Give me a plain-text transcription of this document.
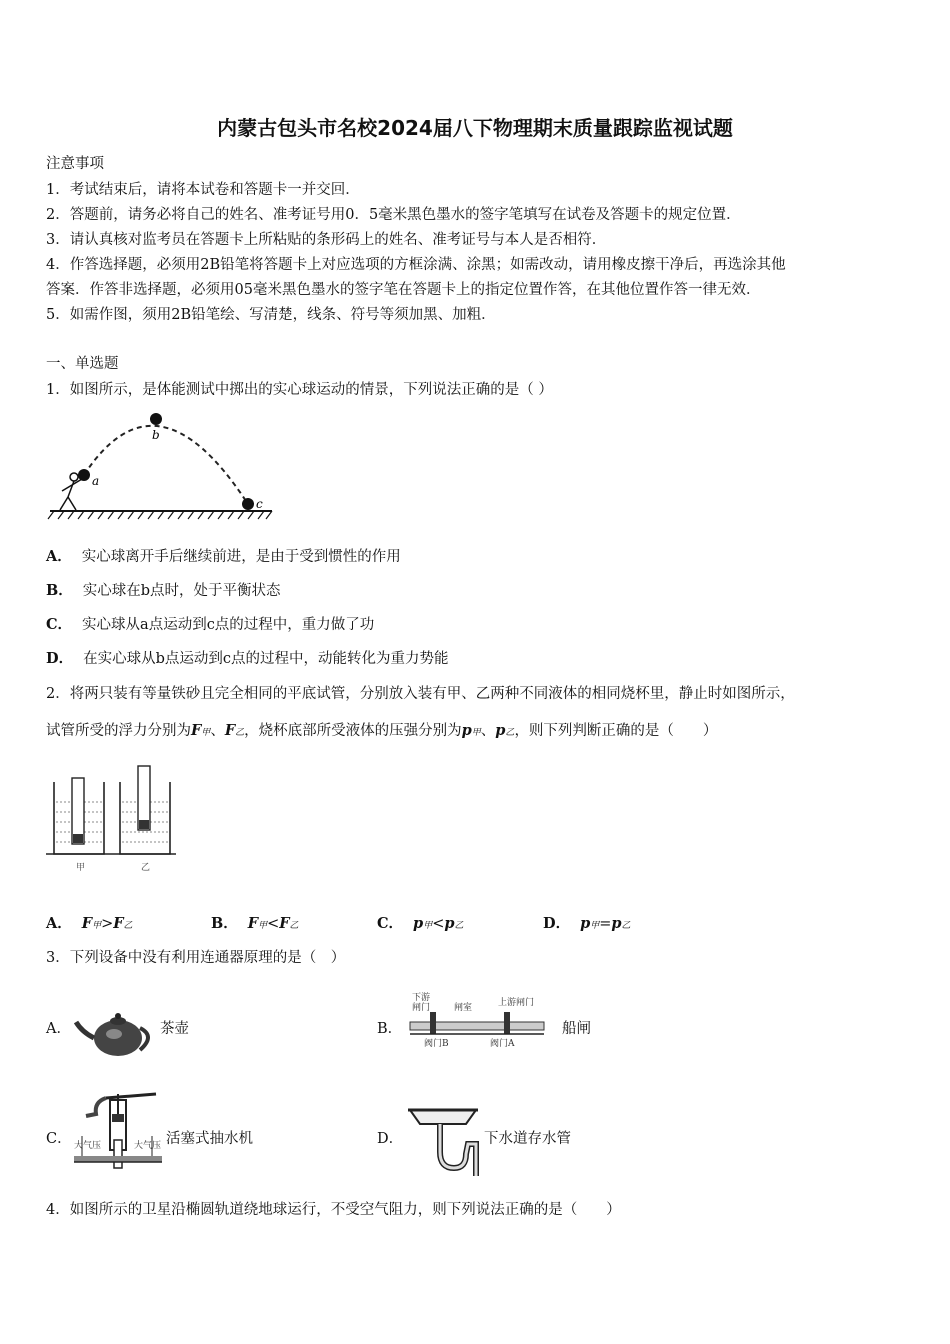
内蒙古包头市名校2024届八下物理期末质量跟踪监视试题
注意事项
1．考试结束后，请将本试卷和答题卡一并交回．
2．答题前，请务必将自己的姓名、准考证号用0．5毫米黑色墨水的签字笔填写在试卷及答题卡的规定位置．
3．请认真核对监考员在答题卡上所粘贴的条形码上的姓名、准考证号与本人是否相符．
4．作答选择题，必须用2B铅笔将答题卡上对应选项的方框涂满、涂黑；如需改动，请用橡皮擦干净后，再选涂其他
答案．作答非选择题，必须用05毫米黑色墨水的签字笔在答题卡上的指定位置作答，在其他位置作答一律无效．
5．如需作图，须用2B铅笔绘、写清楚，线条、符号等须加黑、加粗．
一、单选题
1．如图所示，是体能测试中掷出的实心球运动的情景，下列说法正确的是（ ）
a
b
c
A． 实心球离开手后继续前进，是由于受到惯性的作用
B． 实心球在b点时，处于平衡状态
C． 实心球从a点运动到c点的过程中，重力做了功
D． 在实心球从b点运动到c点的过程中，动能转化为重力势能
2．将两只装有等量铁砂且完全相同的平底试管，分别放入装有甲、乙两种不同液体的相同烧杯里，静止时如图所示，
试管所受的浮力分别为F甲、F乙，烧杯底部所受液体的压强分别为p甲、p乙，则下列判断正确的是（　　）
甲	乙
A． F甲>F乙	B． F甲<F乙	C． p甲<p乙	D． p甲=p乙
3．下列设备中没有利用连通器原理的是（　）
A．	茶壶	B．
下游
闸门	闸室	上游闸门
阀门B	阀门A
船闸
C． 大气压	大气压 活塞式抽水机	D．	下水道存水管
4．如图所示的卫星沿椭圆轨道绕地球运行，不受空气阻力，则下列说法正确的是（　　）
